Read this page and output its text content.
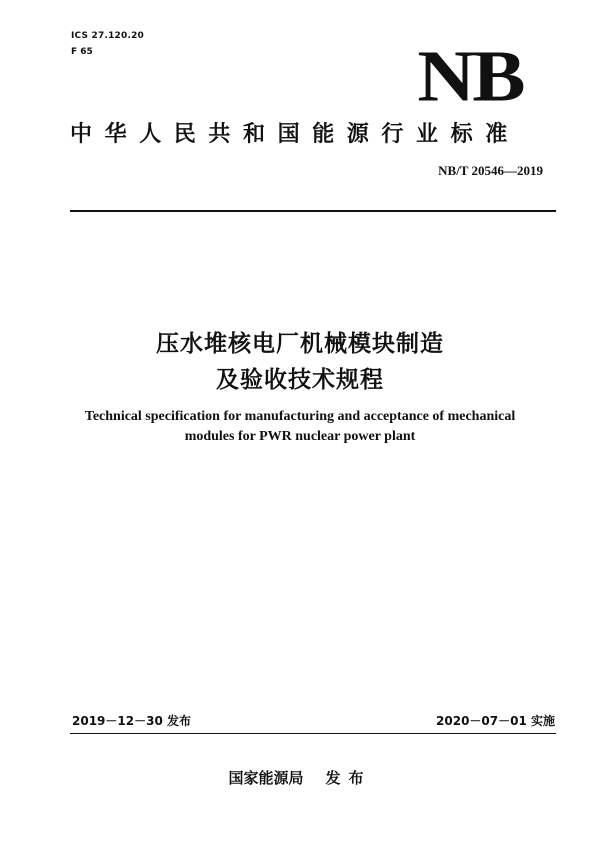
ICS 27.120.20
F 65	NB
中华人民共和国能源行业标准
NB/T 20546—2019
压水堆核电厂机械模块制造
及验收技术规程
Technical specification for manufacturing and acceptance of mechanical
modules for PWR nuclear power plant
2019－12－30 发布	2020－07－01 实施
国家能源局 发布
